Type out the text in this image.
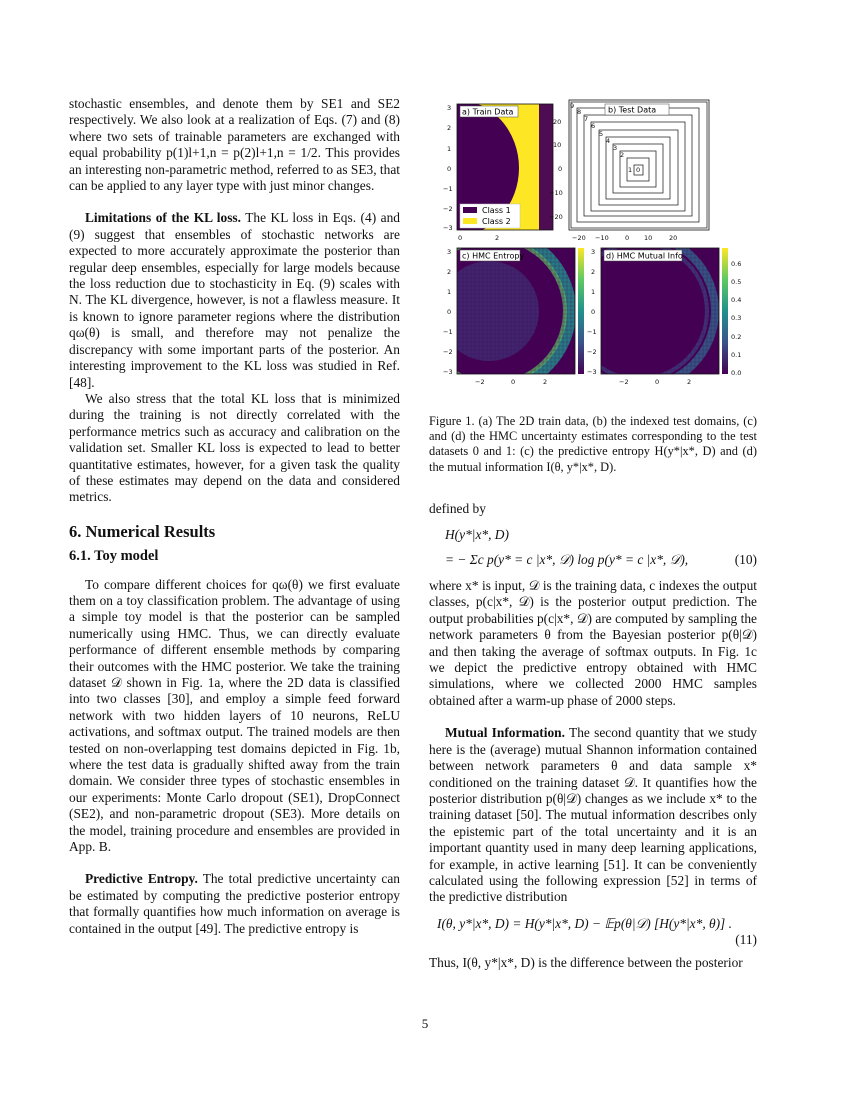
stochastic ensembles, and denote them by SE1 and SE2 respectively. We also look at a realization of Eqs. (7) and (8) where two sets of trainable parameters are exchanged with equal probability p(1)l+1,n = p(2)l+1,n = 1/2. This provides an interesting non-parametric method, referred to as SE3, that can be applied to any layer type with just minor changes.

Limitations of the KL loss. The KL loss in Eqs. (4) and (9) suggest that ensembles of stochastic networks are expected to more accurately approximate the posterior than regular deep ensembles, especially for large models because the loss reduction due to stochasticity in Eq. (9) scales with N. The KL divergence, however, is not a flawless measure. It is known to ignore parameter regions where the distribution qω(θ) is small, and therefore may not penalize the discrepancy with some important parts of the posterior. An interesting improvement to the KL loss was studied in Ref. [48].

We also stress that the total KL loss that is minimized during the training is not directly correlated with the performance metrics such as accuracy and calibration on the validation set. Smaller KL loss is expected to lead to better quantitative estimates, however, for a given task the quality of these estimates may depend on the data and considered metrics.

6. Numerical Results
6.1. Toy model

To compare different choices for qω(θ) we first evaluate them on a toy classification problem. The advantage of using a simple toy model is that the posterior can be sampled numerically using HMC. Thus, we can directly evaluate performance of different ensemble methods by comparing their outcomes with the HMC posterior. We take the training dataset 𝒟 shown in Fig. 1a, where the 2D data is classified into two classes [30], and employ a simple feed forward network with two hidden layers of 10 neurons, ReLU activations, and softmax output. The trained models are then tested on non-overlapping test domains depicted in Fig. 1b, where the test data is gradually shifted away from the train domain. We consider three types of stochastic ensembles in our experiments: Monte Carlo dropout (SE1), DropConnect (SE2), and non-parametric dropout (SE3). More details on the model, training procedure and ensembles are provided in App. B.

Predictive Entropy. The total predictive uncertainty can be estimated by computing the predictive posterior entropy that formally quantifies how much information on average is contained in the output [49]. The predictive entropy is

a) Train Data
Class 1
Class 2
3
2
1
0
−1
−2
−3
0	2
9
8
7
6
5
4
3
2
1 0
b) Test Data
20
10
0
−10
−20
−20 −10	0 10	20
c) HMC Entropy
3
2
1
0
−1
−2
−3
−2	0	2
d) HMC Mutual Info
0.6
0.5
0.4
0.3
0.2
0.1
0.0
3
2
1
0
−1
−2
−3
−2	0	2

Figure 1. (a) The 2D train data, (b) the indexed test domains, (c) and (d) the HMC uncertainty estimates corresponding to the test datasets 0 and 1: (c) the predictive entropy H(y*|x*, D) and (d) the mutual information I(θ, y*|x*, D).

defined by

H(y*|x*, D)
= − Σc p(y* = c |x*, 𝒟) log p(y* = c |x*, 𝒟),	(10)

where x* is input, 𝒟 is the training data, c indexes the output classes, p(c|x*, 𝒟) is the posterior output prediction. The output probabilities p(c|x*, 𝒟) are computed by sampling the network parameters θ from the Bayesian posterior p(θ|𝒟) and then taking the average of softmax outputs. In Fig. 1c we depict the predictive entropy obtained with HMC simulations, where we collected 2000 HMC samples obtained after a warm-up phase of 2000 steps.

Mutual Information. The second quantity that we study here is the (average) mutual Shannon information contained between network parameters θ and data sample x* conditioned on the training dataset 𝒟. It quantifies how the posterior distribution p(θ|𝒟) changes as we include x* to the training dataset [50]. The mutual information describes only the epistemic part of the total uncertainty and it is an important quantity used in many deep learning applications, for example, in active learning [51]. It can be conveniently calculated using the following expression [52] in terms of the predictive distribution

I(θ, y*|x*, D) = H(y*|x*, D) − 𝔼p(θ|𝒟) [H(y*|x*, θ)] .
(11)

Thus, I(θ, y*|x*, D) is the difference between the posterior

5
